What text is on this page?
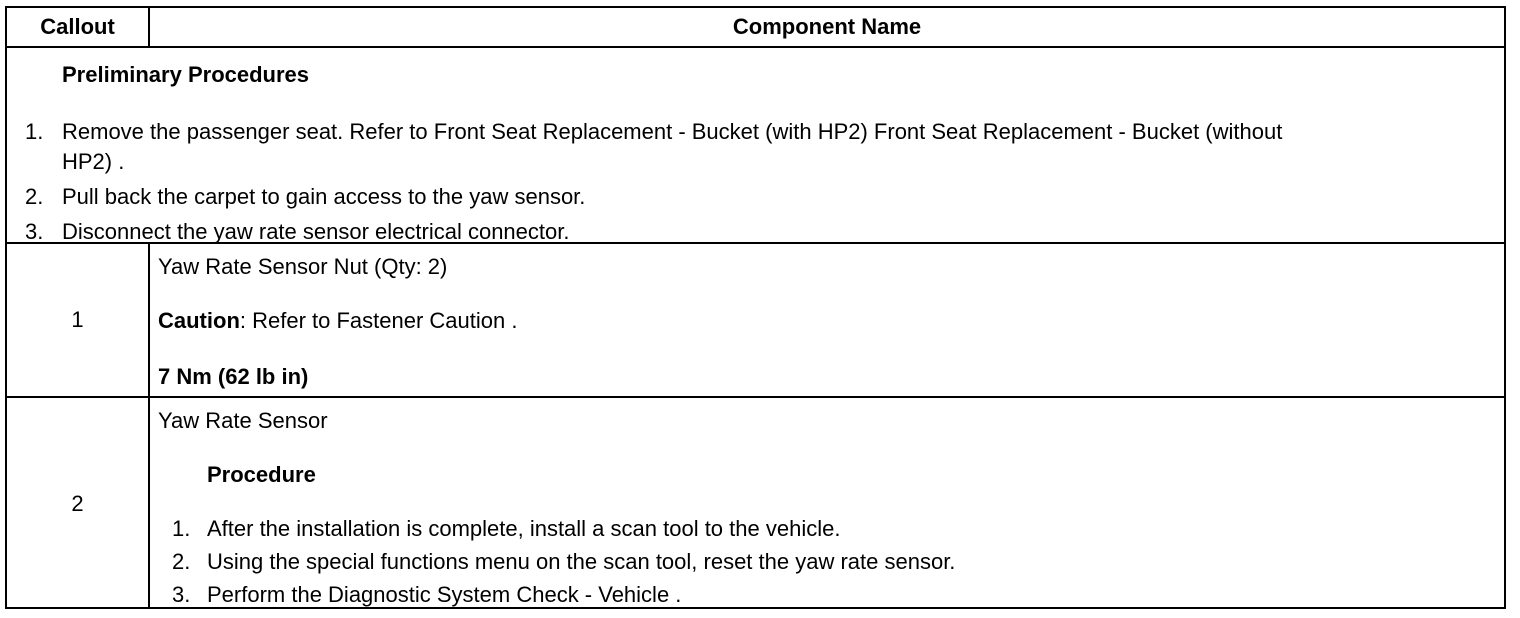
Callout	Component Name
Preliminary Procedures
1. Remove the passenger seat. Refer to Front Seat Replacement - Bucket (with HP2) Front Seat Replacement - Bucket (without
HP2) .
2. Pull back the carpet to gain access to the yaw sensor.
3. Disconnect the yaw rate sensor electrical connector.
1
Yaw Rate Sensor Nut (Qty: 2)
Caution: Refer to Fastener Caution .
7 Nm (62 lb in)
2
Yaw Rate Sensor
Procedure
1. After the installation is complete, install a scan tool to the vehicle.
2. Using the special functions menu on the scan tool, reset the yaw rate sensor.
3. Perform the Diagnostic System Check - Vehicle .
